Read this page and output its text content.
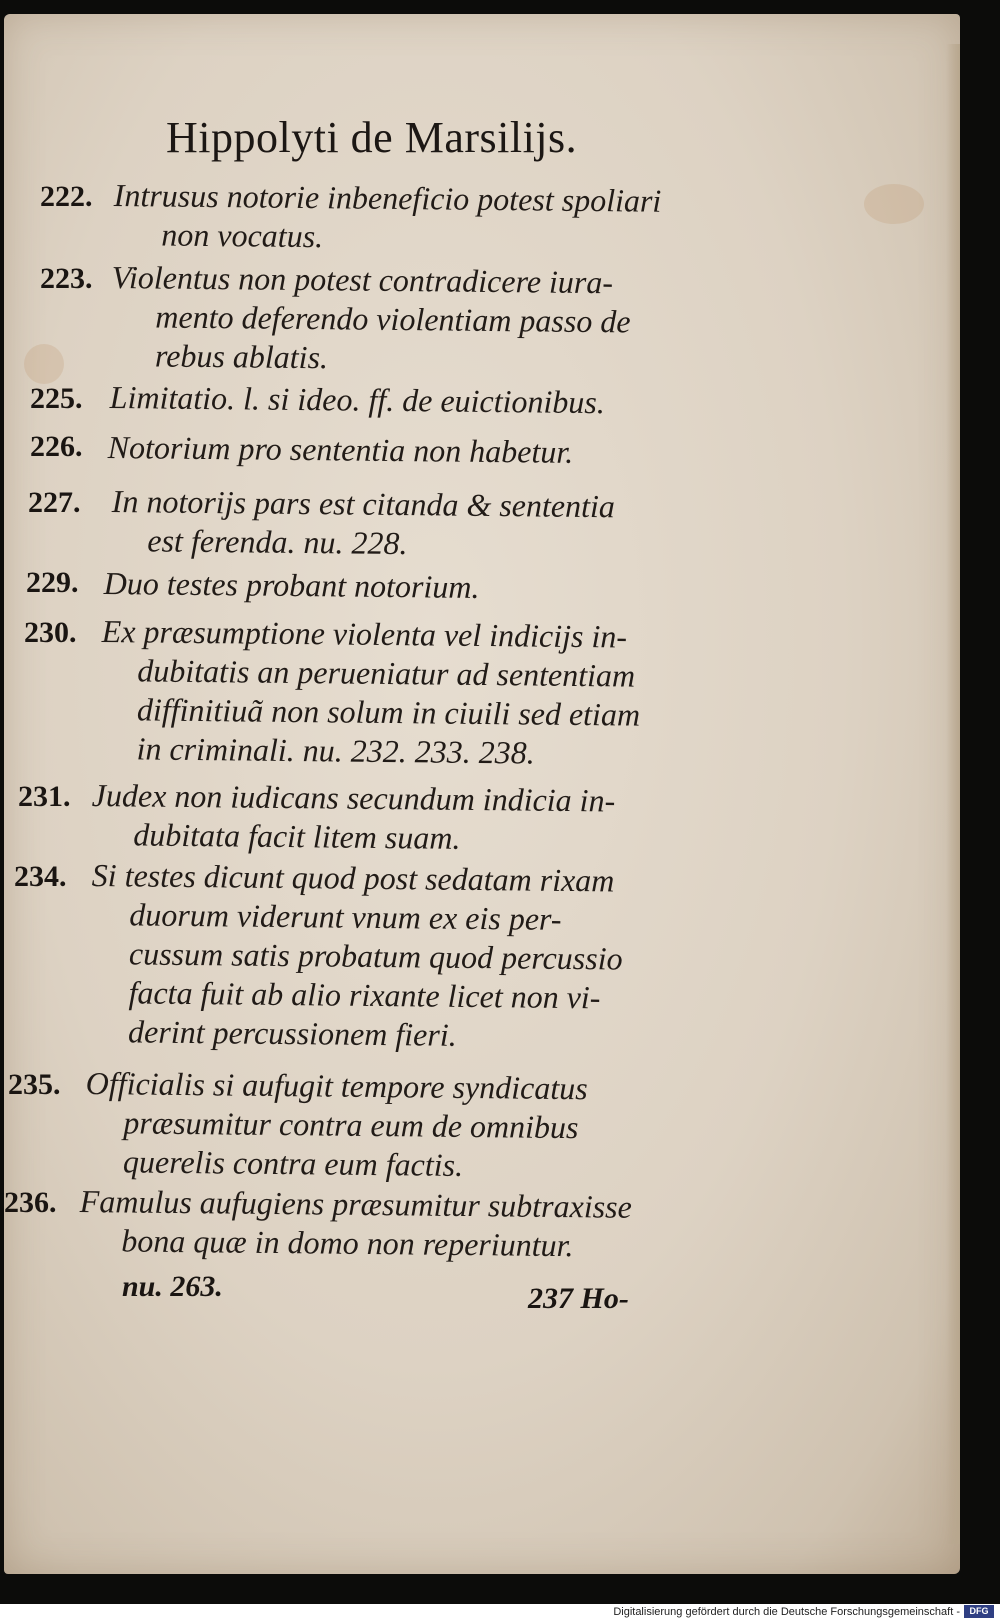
Hippolyti de Marsilijs.
222. Intrusus notorie inbeneficio potest spoliari
non vocatus.
223. Violentus non potest contradicere iura-
mento deferendo violentiam passo de
rebus ablatis.
225. Limitatio. l. si ideo. ff. de euictionibus.
226. Notorium pro sententia non habetur.
227. In notorijs pars est citanda & sententia
est ferenda. nu. 228.
229. Duo testes probant notorium.
230. Ex præsumptione violenta vel indicijs in-
dubitatis an perueniatur ad sententiam
diffinitiuã non solum in ciuili sed etiam
in criminali. nu. 232. 233. 238.
231. Judex non iudicans secundum indicia in-
dubitata facit litem suam.
234. Si testes dicunt quod post sedatam rixam
duorum viderunt vnum ex eis per-
cussum satis probatum quod percussio
facta fuit ab alio rixante licet non vi-
derint percussionem fieri.
235. Officialis si aufugit tempore syndicatus
præsumitur contra eum de omnibus
querelis contra eum factis.
236. Famulus aufugiens præsumitur subtraxisse
bona quæ in domo non reperiuntur.
nu. 263.	237 Ho-
Digitalisierung gefördert durch die Deutsche Forschungsgemeinschaft -	DFG
